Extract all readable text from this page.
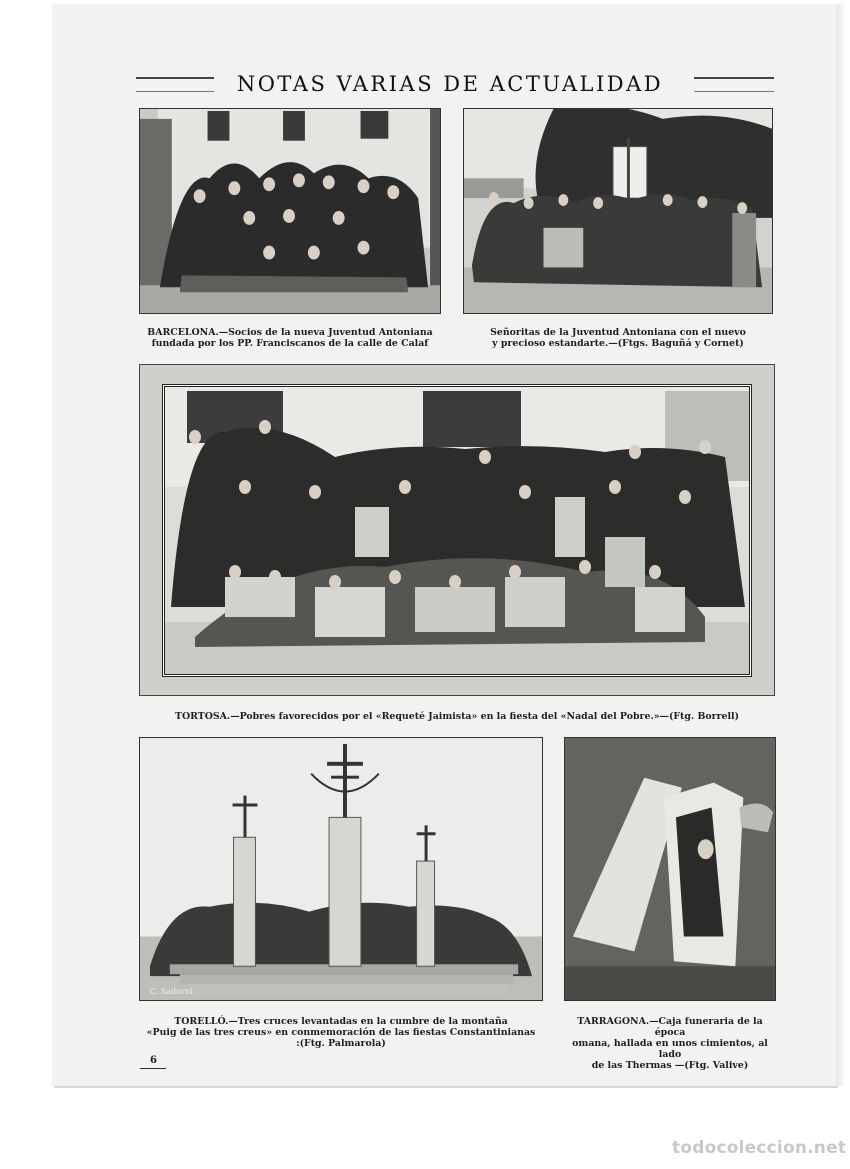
NOTAS VARIAS DE ACTUALIDAD
BARCELONA.—Socios de la nueva Juventud Antoniana
fundada por los PP. Franciscanos de la calle de Calaf
Señoritas de la Juventud Antoniana con el nuevo
y precioso estandarte.—(Ftgs. Baguñá y Cornet)
TORTOSA.—Pobres favorecidos por el «Requeté Jaimista» en la fiesta del «Nadal del Pobre.»—(Ftg. Borrell)
C. Sadurní
TORELLÓ.—Tres cruces levantadas en la cumbre de la montaña
«Puig de las tres creus» en conmemoración de las fiestas Constantinianas
:(Ftg. Palmarola)
TARRAGONA.—Caja funeraria de la época
omana, hallada en unos cimientos, al lado
de las Thermas —(Ftg. Valive)
6
todocoleccion.net
